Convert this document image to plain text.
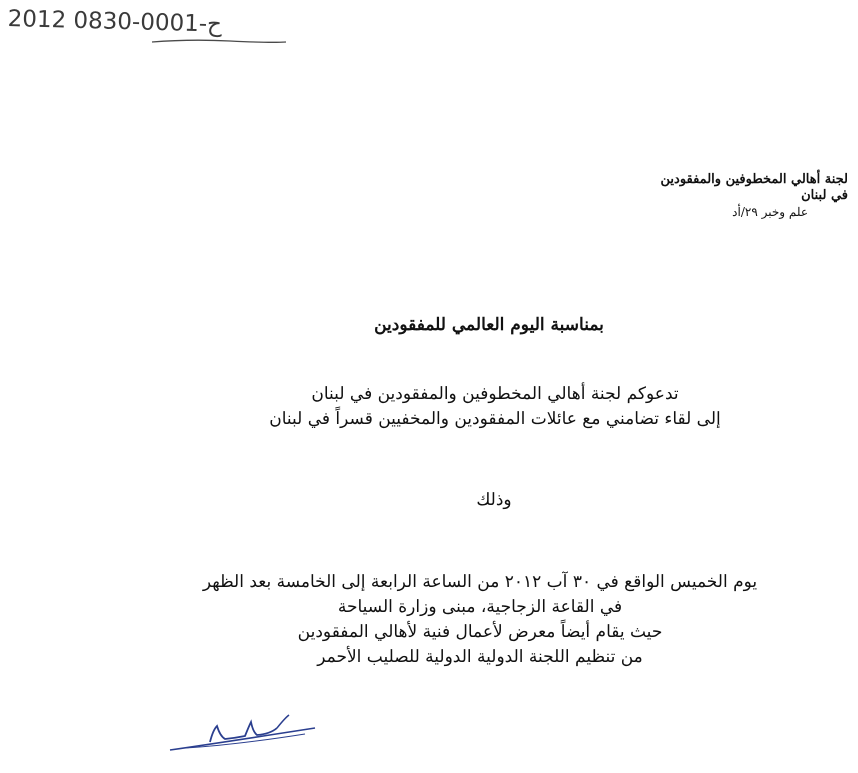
2012 0830-0001-ح
لجنة أهالي المخطوفين والمفقودين
في لبنان
علم وخبر ٢٩/أد
بمناسبة اليوم العالمي للمفقودين
تدعوكم لجنة أهالي المخطوفين والمفقودين في لبنان
إلى لقاء تضامني مع عائلات المفقودين والمخفيين قسراً في لبنان
وذلك
يوم الخميس الواقع في ٣٠ آب ٢٠١٢ من الساعة الرابعة إلى الخامسة بعد الظهر
في القاعة الزجاجية، مبنى وزارة السياحة
حيث يقام أيضاً معرض لأعمال فنية لأهالي المفقودين
من تنظيم اللجنة الدولية الدولية للصليب الأحمر
